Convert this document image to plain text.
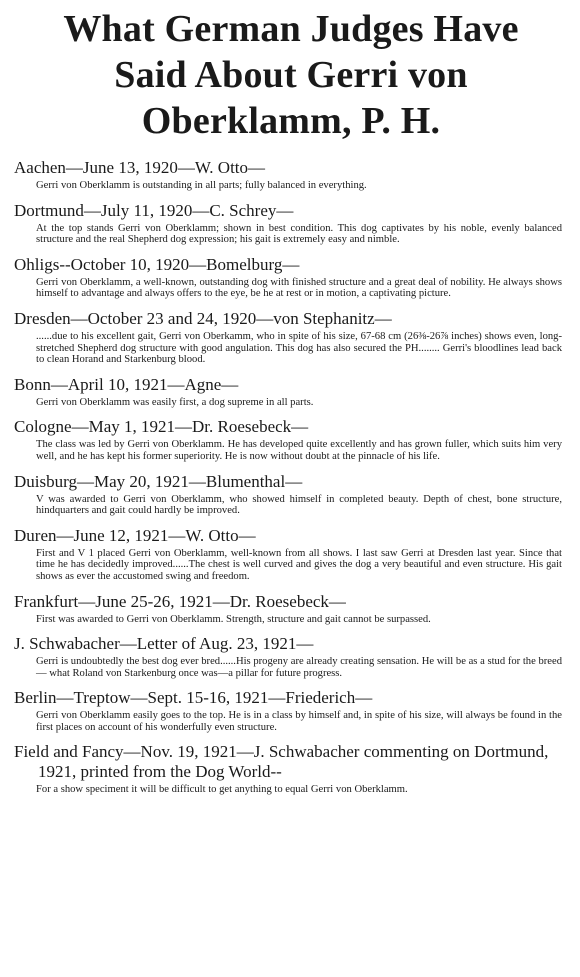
What German Judges Have
Said About Gerri von
Oberklamm, P. H.

Aachen—June 13, 1920—W. Otto—

Gerri von Oberklamm is outstanding in all parts; fully balanced in everything.

Dortmund—July 11, 1920—C. Schrey—

At the top stands Gerri von Oberklamm; shown in best condition. This dog captivates by his noble, evenly balanced structure and the real Shepherd dog expression; his gait is extremely easy and nimble.

Ohligs--October 10, 1920—Bomelburg—

Gerri von Oberklamm, a well-known, outstanding dog with finished structure and a great deal of nobility. He always shows himself to advantage and always offers to the eye, be he at rest or in motion, a captivating picture.

Dresden—October 23 and 24, 1920—von Stephanitz—

......due to his excellent gait, Gerri von Oberkamm, who in spite of his size, 67-68 cm (26⅜-26⅞ inches) shows even, long-stretched Shepherd dog structure with good angulation. This dog has also secured the PH........ Gerri's bloodlines lead back to clean Horand and Starkenburg blood.

Bonn—April 10, 1921—Agne—

Gerri von Oberklamm was easily first, a dog supreme in all parts.

Cologne—May 1, 1921—Dr. Roesebeck—

The class was led by Gerri von Oberklamm. He has developed quite excellently and has grown fuller, which suits him very well, and he has kept his former superiority. He is now without doubt at the pinnacle of his life.

Duisburg—May 20, 1921—Blumenthal—

V was awarded to Gerri von Oberklamm, who showed himself in completed beauty. Depth of chest, bone structure, hindquarters and gait could hardly be improved.

Duren—June 12, 1921—W. Otto—

First and V 1 placed Gerri von Oberklamm, well-known from all shows. I last saw Gerri at Dresden last year. Since that time he has decidedly improved......The chest is well curved and gives the dog a very beautiful and even structure. His gait shows as ever the accustomed swing and freedom.

Frankfurt—June 25-26, 1921—Dr. Roesebeck—

First was awarded to Gerri von Oberklamm. Strength, structure and gait cannot be surpassed.

J. Schwabacher—Letter of Aug. 23, 1921—

Gerri is undoubtedly the best dog ever bred......His progeny are already creating sensation. He will be as a stud for the breed— what Roland von Starkenburg once was—a pillar for future progress.

Berlin—Treptow—Sept. 15-16, 1921—Friederich—

Gerri von Oberklamm easily goes to the top. He is in a class by himself and, in spite of his size, will always be found in the first places on account of his wonderfully even structure.

Field and Fancy—Nov. 19, 1921—J. Schwabacher commenting on Dortmund, 1921, printed from the Dog World--

For a show speciment it will be difficult to get anything to equal Gerri von Oberklamm.
